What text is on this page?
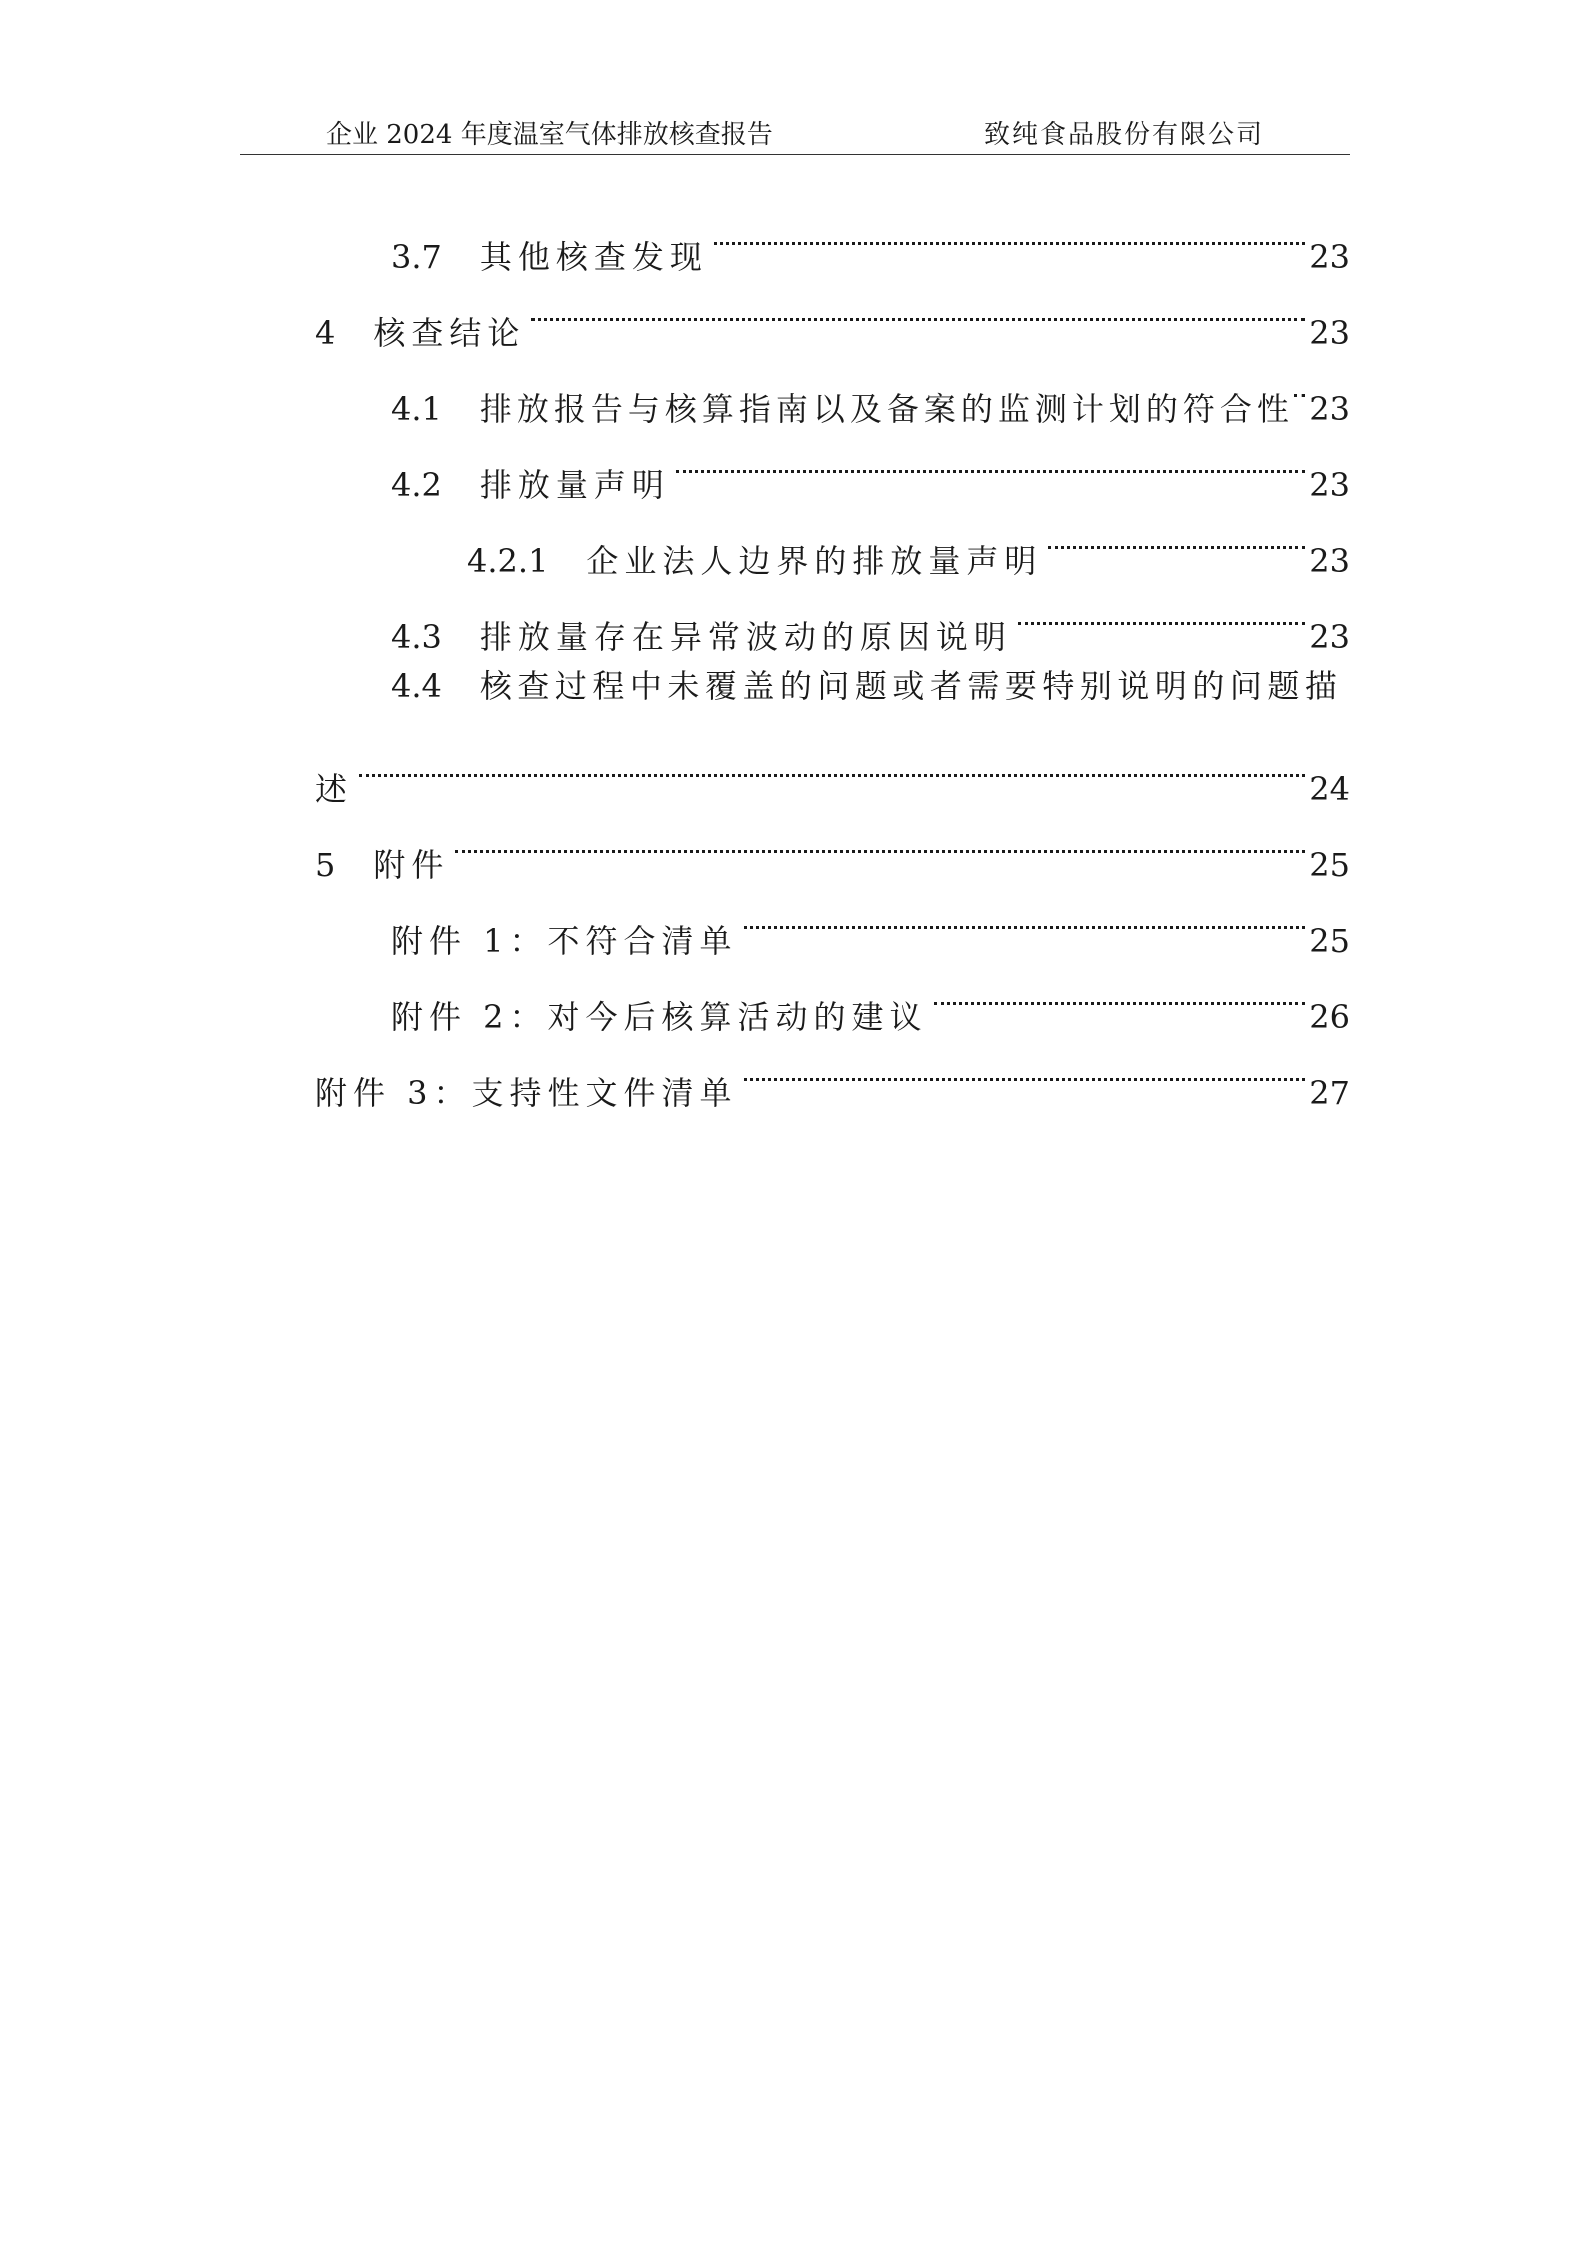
企业 2024 年度温室气体排放核查报告	致纯食品股份有限公司
3.7 其他核查发现	23
4 核查结论	23
4.1 排放报告与核算指南以及备案的监测计划的符合性 23
4.2 排放量声明	23
4.2.1 企业法人边界的排放量声明	23
4.3 排放量存在异常波动的原因说明	23
4.4 核查过程中未覆盖的问题或者需要特别说明的问题描
述	24
5 附件	25
附件 1：不符合清单	25
附件 2：对今后核算活动的建议	26
附件 3：支持性文件清单	27
